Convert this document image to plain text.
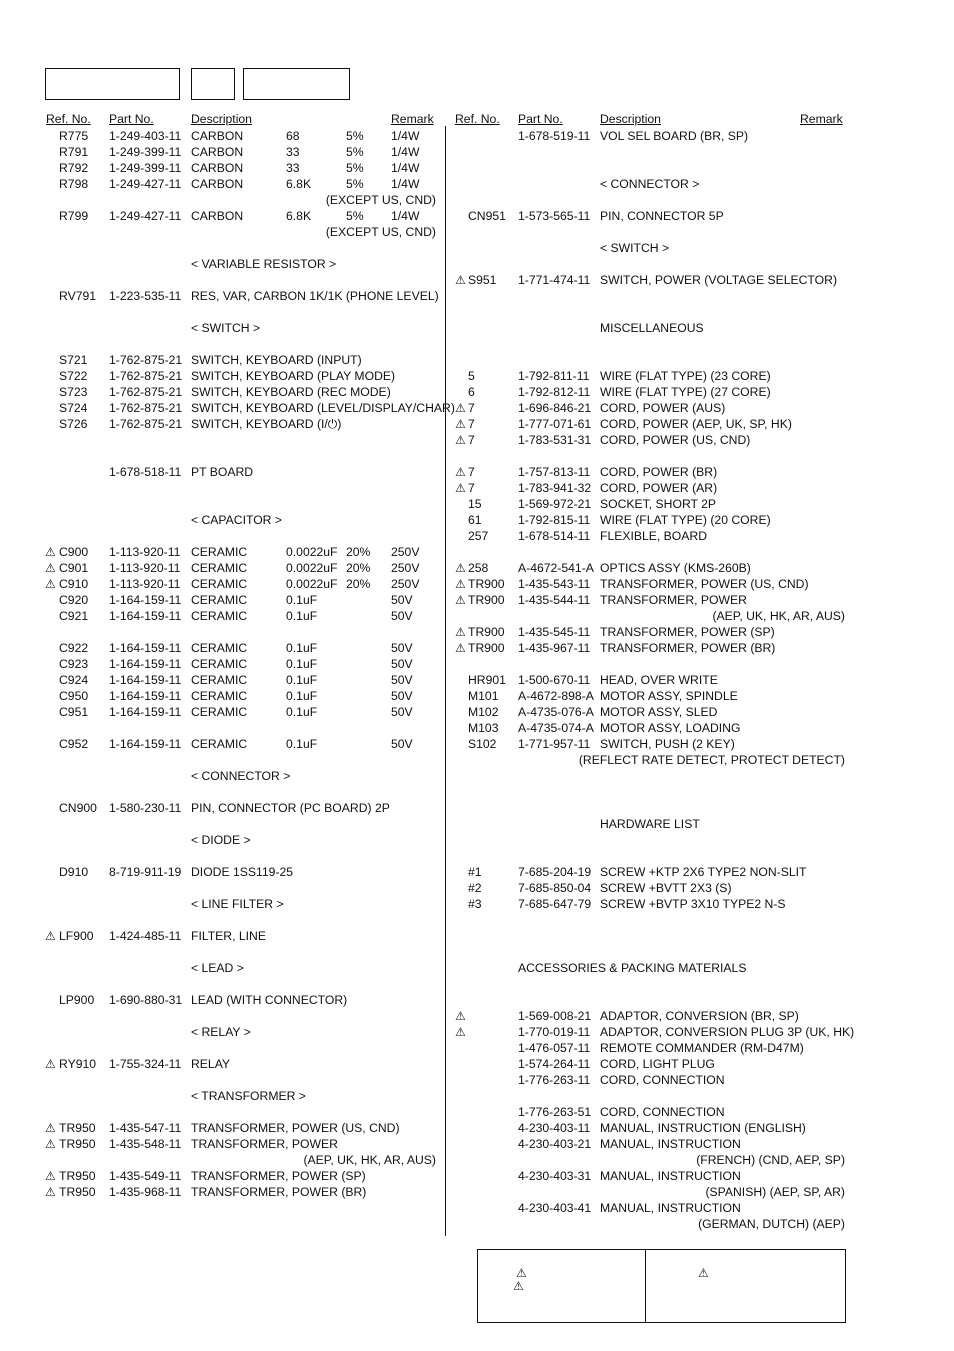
Ref. No. Part No.	Description	Remark
R775 1-249-403-11 CARBON	68	5% 1/4W
R791 1-249-399-11 CARBON	33	5% 1/4W
R792 1-249-399-11 CARBON	33	5% 1/4W
R798 1-249-427-11 CARBON	6.8K	5% 1/4W
(EXCEPT US, CND)
R799 1-249-427-11 CARBON	6.8K	5% 1/4W
(EXCEPT US, CND)
< VARIABLE RESISTOR >
RV791 1-223-535-11 RES, VAR, CARBON 1K/1K (PHONE LEVEL)
< SWITCH >
S721 1-762-875-21 SWITCH, KEYBOARD (INPUT)
S722 1-762-875-21 SWITCH, KEYBOARD (PLAY MODE)
S723 1-762-875-21 SWITCH, KEYBOARD (REC MODE)
S724 1-762-875-21 SWITCH, KEYBOARD (LEVEL/DISPLAY/CHAR)
S726 1-762-875-21 SWITCH, KEYBOARD (I/⏻)
1-678-518-11 PT BOARD
< CAPACITOR >
⚠ C900 1-113-920-11 CERAMIC	0.0022uF 20% 250V
⚠ C901 1-113-920-11 CERAMIC	0.0022uF 20% 250V
⚠ C910 1-113-920-11 CERAMIC	0.0022uF 20% 250V
C920 1-164-159-11 CERAMIC	0.1uF	50V
C921 1-164-159-11 CERAMIC	0.1uF	50V
C922 1-164-159-11 CERAMIC	0.1uF	50V
C923 1-164-159-11 CERAMIC	0.1uF	50V
C924 1-164-159-11 CERAMIC	0.1uF	50V
C950 1-164-159-11 CERAMIC	0.1uF	50V
C951 1-164-159-11 CERAMIC	0.1uF	50V
C952 1-164-159-11 CERAMIC	0.1uF	50V
< CONNECTOR >
CN900 1-580-230-11 PIN, CONNECTOR (PC BOARD) 2P
< DIODE >
D910 8-719-911-19 DIODE 1SS119-25
< LINE FILTER >
⚠ LF900 1-424-485-11 FILTER, LINE
< LEAD >
LP900 1-690-880-31 LEAD (WITH CONNECTOR)
< RELAY >
⚠ RY910 1-755-324-11 RELAY
< TRANSFORMER >
⚠ TR950 1-435-547-11 TRANSFORMER, POWER (US, CND)
⚠ TR950 1-435-548-11 TRANSFORMER, POWER
(AEP, UK, HK, AR, AUS)
⚠ TR950 1-435-549-11 TRANSFORMER, POWER (SP)
⚠ TR950 1-435-968-11 TRANSFORMER, POWER (BR)
Ref. No. Part No.	Description	Remark
1-678-519-11 VOL SEL BOARD (BR, SP)
< CONNECTOR >
CN951 1-573-565-11 PIN, CONNECTOR 5P
< SWITCH >
⚠ S951 1-771-474-11 SWITCH, POWER (VOLTAGE SELECTOR)
MISCELLANEOUS
5	1-792-811-11 WIRE (FLAT TYPE) (23 CORE)
6	1-792-812-11 WIRE (FLAT TYPE) (27 CORE)
⚠ 7	1-696-846-21 CORD, POWER (AUS)
⚠ 7	1-777-071-61 CORD, POWER (AEP, UK, SP, HK)
⚠ 7	1-783-531-31 CORD, POWER (US, CND)
⚠ 7	1-757-813-11 CORD, POWER (BR)
⚠ 7	1-783-941-32 CORD, POWER (AR)
15	1-569-972-21 SOCKET, SHORT 2P
61	1-792-815-11 WIRE (FLAT TYPE) (20 CORE)
257 1-678-514-11 FLEXIBLE, BOARD
⚠ 258 A-4672-541-A OPTICS ASSY (KMS-260B)
⚠ TR900 1-435-543-11 TRANSFORMER, POWER (US, CND)
⚠ TR900 1-435-544-11 TRANSFORMER, POWER
(AEP, UK, HK, AR, AUS)
⚠ TR900 1-435-545-11 TRANSFORMER, POWER (SP)
⚠ TR900 1-435-967-11 TRANSFORMER, POWER (BR)
HR901 1-500-670-11 HEAD, OVER WRITE
M101 A-4672-898-A MOTOR ASSY, SPINDLE
M102 A-4735-076-A MOTOR ASSY, SLED
M103 A-4735-074-A MOTOR ASSY, LOADING
S102 1-771-957-11 SWITCH, PUSH (2 KEY)
(REFLECT RATE DETECT, PROTECT DETECT)
HARDWARE LIST
#1	7-685-204-19 SCREW +KTP 2X6 TYPE2 NON-SLIT
#2	7-685-850-04 SCREW +BVTT 2X3 (S)
#3	7-685-647-79 SCREW +BVTP 3X10 TYPE2 N-S
ACCESSORIES & PACKING MATERIALS
⚠	1-569-008-21 ADAPTOR, CONVERSION (BR, SP)
⚠	1-770-019-11 ADAPTOR, CONVERSION PLUG 3P (UK, HK)
1-476-057-11 REMOTE COMMANDER (RM-D47M)
1-574-264-11 CORD, LIGHT PLUG
1-776-263-11 CORD, CONNECTION
1-776-263-51 CORD, CONNECTION
4-230-403-11 MANUAL, INSTRUCTION (ENGLISH)
4-230-403-21 MANUAL, INSTRUCTION
(FRENCH) (CND, AEP, SP)
4-230-403-31 MANUAL, INSTRUCTION
(SPANISH) (AEP, SP, AR)
4-230-403-41 MANUAL, INSTRUCTION
(GERMAN, DUTCH) (AEP)
⚠
⚠
⚠
